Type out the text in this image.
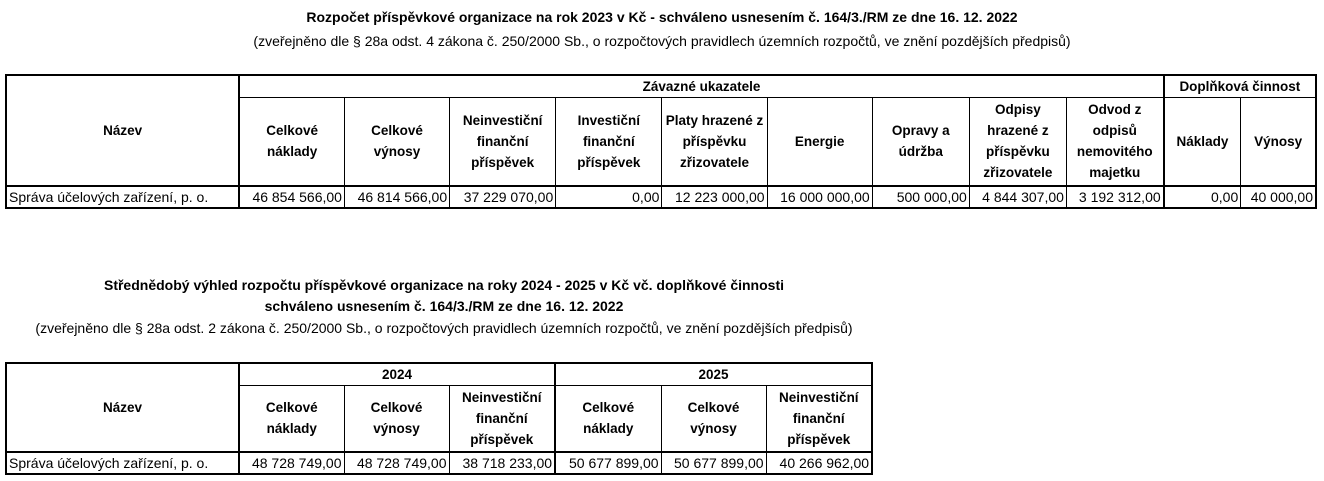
Rozpočet příspěvkové organizace na rok 2023 v Kč - schváleno usnesením č. 164/3./RM ze dne 16. 12. 2022
(zveřejněno dle § 28a odst. 4 zákona č. 250/2000 Sb., o rozpočtových pravidlech územních rozpočtů, ve znění pozdějších předpisů)
Název	Závazné ukazatele									Doplňková činnost	
	Celkové náklady	Celkové výnosy	Neinvestiční finanční příspěvek	Investiční finanční příspěvek	Platy hrazené z příspěvku zřizovatele	Energie	Opravy a údržba	Odpisy hrazené z příspěvku zřizovatele	Odvod z odpisů nemovitého majetku	Náklady	Výnosy
Správa účelových zařízení, p. o.	46 854 566,00	46 814 566,00	37 229 070,00	0,00	12 223 000,00	16 000 000,00	500 000,00	4 844 307,00	3 192 312,00	0,00	40 000,00
Střednědobý výhled rozpočtu příspěvkové organizace na roky 2024 - 2025 v Kč vč. doplňkové činnosti
schváleno usnesením č. 164/3./RM ze dne 16. 12. 2022
(zveřejněno dle § 28a odst. 2 zákona č. 250/2000 Sb., o rozpočtových pravidlech územních rozpočtů, ve znění pozdějších předpisů)
Název	2024			2025		
	Celkové náklady	Celkové výnosy	Neinvestiční finanční příspěvek	Celkové náklady	Celkové výnosy	Neinvestiční finanční příspěvek
Správa účelových zařízení, p. o.	48 728 749,00	48 728 749,00	38 718 233,00	50 677 899,00	50 677 899,00	40 266 962,00
